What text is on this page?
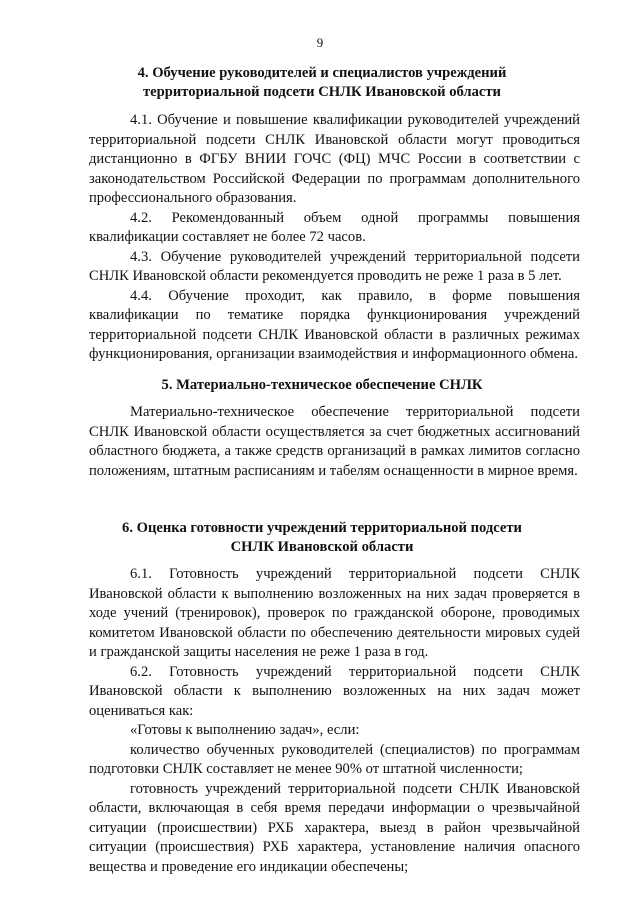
9
4. Обучение руководителей и специалистов учреждений территориальной подсети СНЛК Ивановской области

4.1. Обучение и повышение квалификации руководителей учреждений территориальной подсети СНЛК Ивановской области могут проводиться дистанционно в ФГБУ ВНИИ ГОЧС (ФЦ) МЧС России в соответствии с законодательством Российской Федерации по программам дополнительного профессионального образования.

4.2. Рекомендованный объем одной программы повышения квалификации составляет не более 72 часов.

4.3. Обучение руководителей учреждений территориальной подсети СНЛК Ивановской области рекомендуется проводить не реже 1 раза в 5 лет.

4.4. Обучение проходит, как правило, в форме повышения квалификации по тематике порядка функционирования учреждений территориальной подсети СНЛК Ивановской области в различных режимах функционирования, организации взаимодействия и информационного обмена.

5. Материально-техническое обеспечение СНЛК

Материально-техническое обеспечение территориальной подсети СНЛК Ивановской области осуществляется за счет бюджетных ассигнований областного бюджета, а также средств организаций в рамках лимитов согласно положениям, штатным расписаниям и табелям оснащенности в мирное время.

6. Оценка готовности учреждений территориальной подсети СНЛК Ивановской области

6.1. Готовность учреждений территориальной подсети СНЛК Ивановской области к выполнению возложенных на них задач проверяется в ходе учений (тренировок), проверок по гражданской обороне, проводимых комитетом Ивановской области по обеспечению деятельности мировых судей и гражданской защиты населения не реже 1 раза в год.

6.2. Готовность учреждений территориальной подсети СНЛК Ивановской области к выполнению возложенных на них задач может оцениваться как:

«Готовы к выполнению задач», если:

количество обученных руководителей (специалистов) по программам подготовки СНЛК составляет не менее 90% от штатной численности;

готовность учреждений территориальной подсети СНЛК Ивановской области, включающая в себя время передачи информации о чрезвычайной ситуации (происшествии) РХБ характера, выезд в район чрезвычайной ситуации (происшествия) РХБ характера, установление наличия опасного вещества и проведение его индикации обеспечены;
